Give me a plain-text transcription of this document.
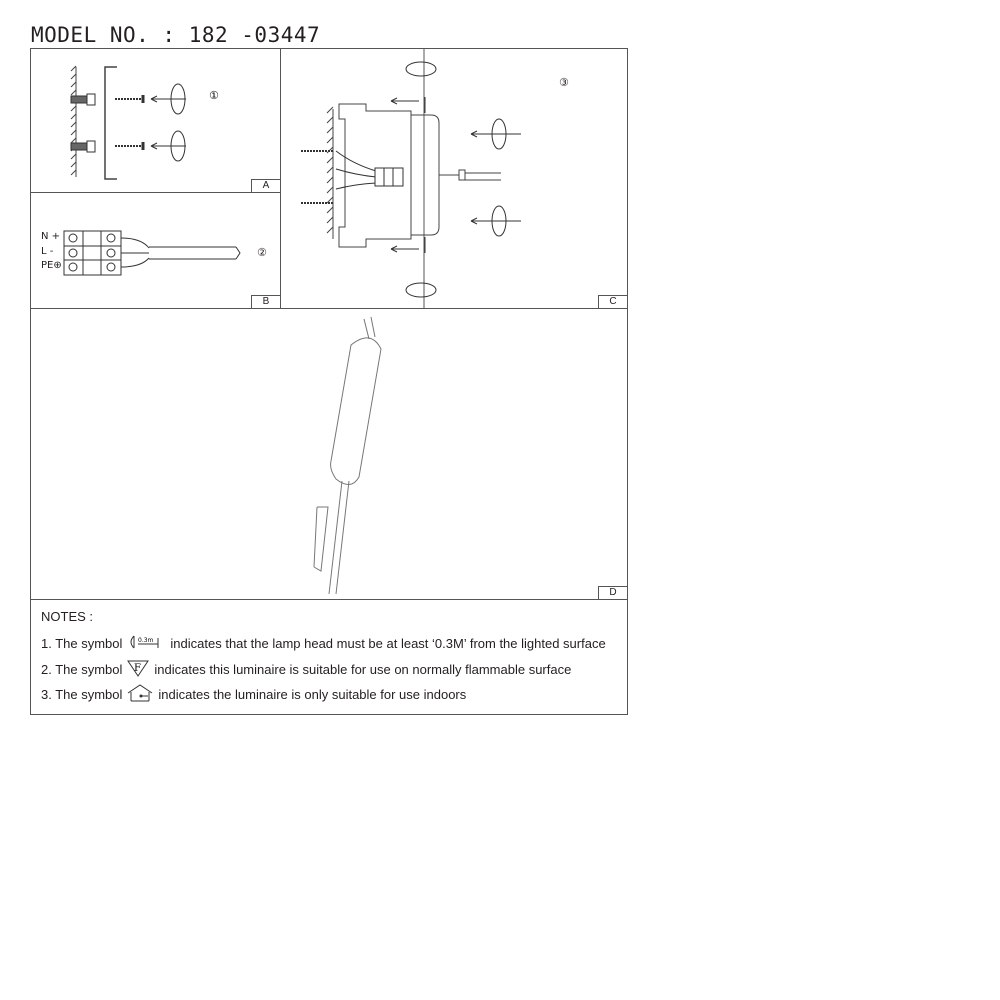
MODEL NO. : 182 -03447
①
A
N +
L -
PE⊕
②
B
③
C
D
NOTES :
1. The symbol	0.3m indicates that the lamp head must be at least ‘0.3M’ from the lighted surface
2. The symbol F indicates this luminaire is suitable for use on normally flammable surface
3. The symbol	indicates the luminaire is only suitable for use indoors
